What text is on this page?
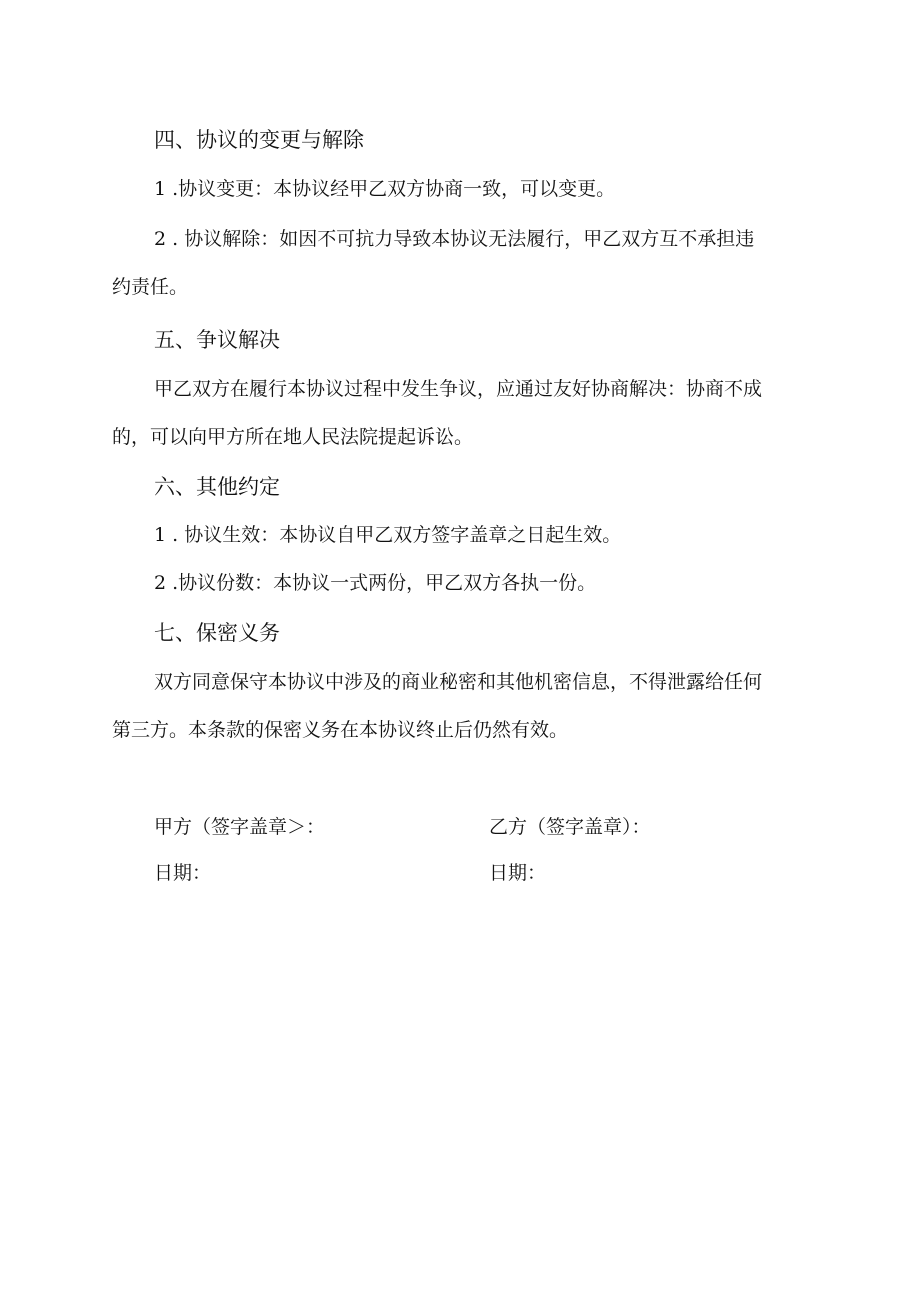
四、协议的变更与解除
1 .协议变更：本协议经甲乙双方协商一致，可以变更。
2 . 协议解除：如因不可抗力导致本协议无法履行，甲乙双方互不承担违
约责任。
五、争议解决
甲乙双方在履行本协议过程中发生争议，应通过友好协商解决：协商不成
的，可以向甲方所在地人民法院提起诉讼。
六、其他约定
1 . 协议生效：本协议自甲乙双方签字盖章之日起生效。
2 .协议份数：本协议一式两份，甲乙双方各执一份。
七、保密义务
双方同意保守本协议中涉及的商业秘密和其他机密信息，不得泄露给任何
第三方。本条款的保密义务在本协议终止后仍然有效。
甲方（签字盖章＞：	乙方（签字盖章）：
日期：	日期：
